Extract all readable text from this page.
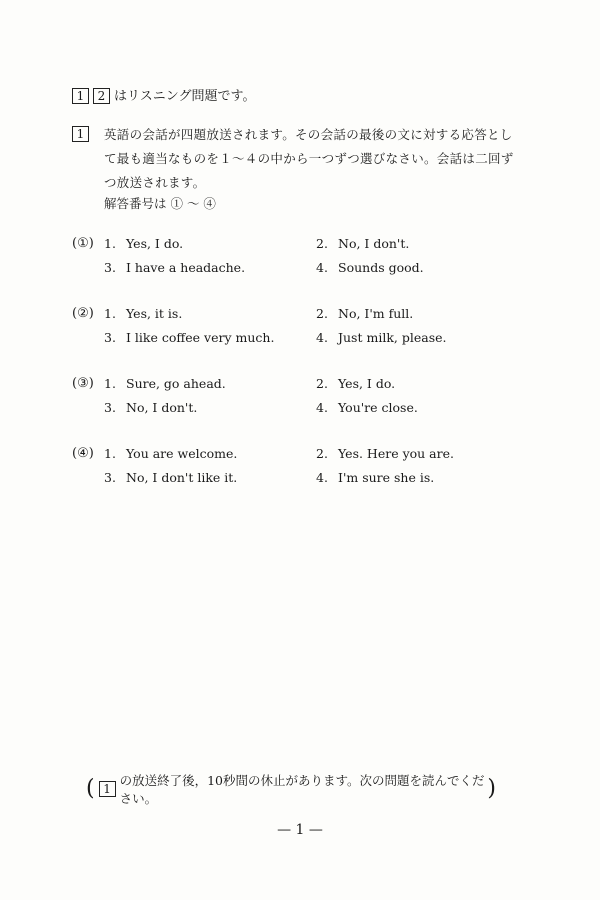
1 2 はリスニング問題です。
1	英語の会話が四題放送されます。その会話の最後の文に対する応答として最も適当なものを１～４の中から一つずつ選びなさい。会話は二回ずつ放送されます。
解答番号は ① ～ ④
(①) 1. Yes, I do.	2. No, I don't.
3. I have a headache.	4. Sounds good.
(②) 1. Yes, it is.	2. No, I'm full.
3. I like coffee very much.	4. Just milk, please.
(③) 1. Sure, go ahead.	2. Yes, I do.
3. No, I don't.	4. You're close.
(④) 1. You are welcome.	2. Yes. Here you are.
3. No, I don't like it.	4. I'm sure she is.
( 1
の放送終了後，10秒間の休止があります。次の問題を読んでください。	)
— 1 —
